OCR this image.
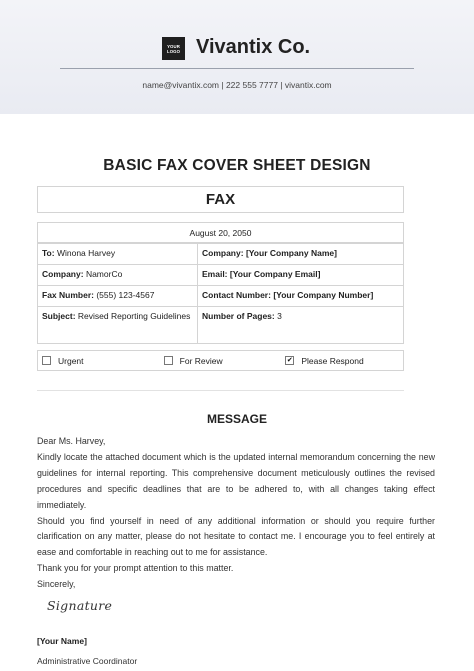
YOUR LOGO Vivantix Co.
name@vivantix.com | 222 555 7777 | vivantix.com
BASIC FAX COVER SHEET DESIGN
FAX
August 20, 2050
To: Winona Harvey	Company: [Your Company Name]
Company: NamorCo	Email: [Your Company Email]
Fax Number: (555) 123-4567	Contact Number: [Your Company Number]
Subject: Revised Reporting Guidelines	Number of Pages: 3
Urgent	For Review	✔ Please Respond
MESSAGE

Dear Ms. Harvey,

Kindly locate the attached document which is the updated internal memorandum concerning the new guidelines for internal reporting. This comprehensive document meticulously outlines the revised procedures and specific deadlines that are to be adhered to, with all changes taking effect immediately.

Should you find yourself in need of any additional information or should you require further clarification on any matter, please do not hesitate to contact me. I encourage you to feel entirely at ease and comfortable in reaching out to me for assistance.

Thank you for your prompt attention to this matter.

Sincerely,

Signature
[Your Name]
Administrative Coordinator
